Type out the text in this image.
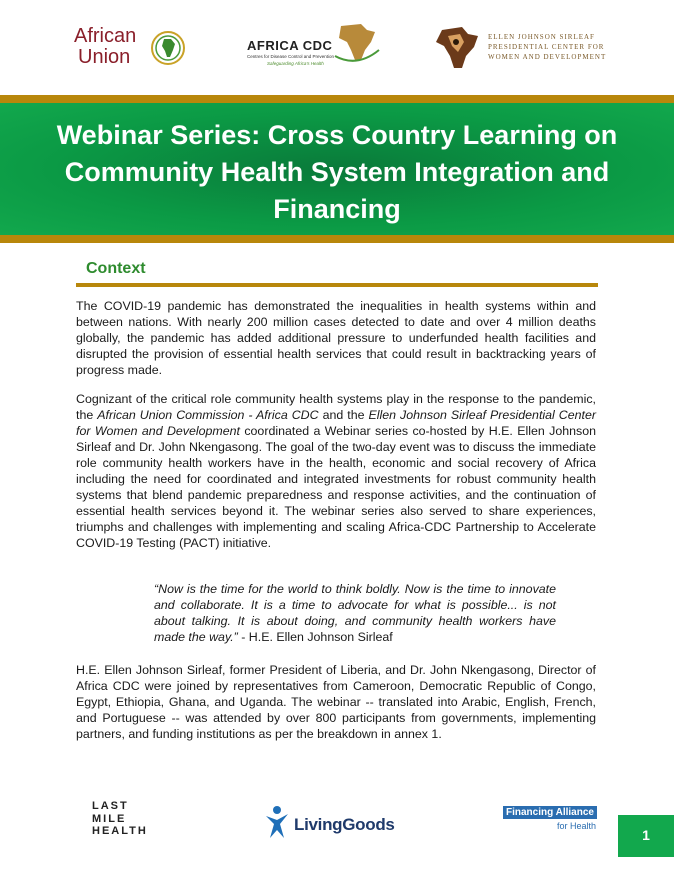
African
Union
AFRICA CDC
Centres for Disease Control and Prevention
Safeguarding Africa's Health
ELLEN JOHNSON SIRLEAF
PRESIDENTIAL CENTER FOR
WOMEN AND DEVELOPMENT
Webinar Series: Cross Country Learning on Community Health System Integration and Financing
Context
The COVID-19 pandemic has demonstrated the inequalities in health systems within and between nations. With nearly 200 million cases detected to date and over 4 million deaths globally, the pandemic has added additional pressure to underfunded health facilities and disrupted the provision of essential health services that could result in backtracking years of progress made.
Cognizant of the critical role community health systems play in the response to the pandemic, the African Union Commission - Africa CDC and the Ellen Johnson Sirleaf Presidential Center for Women and Development coordinated a Webinar series co-hosted by H.E. Ellen Johnson Sirleaf and Dr. John Nkengasong. The goal of the two-day event was to discuss the immediate role community health workers have in the health, economic and social recovery of Africa including the need for coordinated and integrated investments for robust community health systems that blend pandemic preparedness and response activities, and the continuation of essential health services beyond it. The webinar series also served to share experiences, triumphs and challenges with implementing and scaling Africa-CDC Partnership to Accelerate COVID-19 Testing (PACT) initiative.
“Now is the time for the world to think boldly. Now is the time to innovate and collaborate. It is a time to advocate for what is possible... is not about talking. It is about doing, and community health workers have made the way.” - H.E. Ellen Johnson Sirleaf
H.E. Ellen Johnson Sirleaf, former President of Liberia, and Dr. John Nkengasong, Director of Africa CDC were joined by representatives from Cameroon, Democratic Republic of Congo, Egypt, Ethiopia, Ghana, and Uganda. The webinar -- translated into Arabic, English, French, and Portuguese -- was attended by over 800 participants from governments, implementing partners, and funding institutions as per the breakdown in annex 1.
LAST
MILE
HEALTH	LivingGoods
Financing Alliance
for Health
1
